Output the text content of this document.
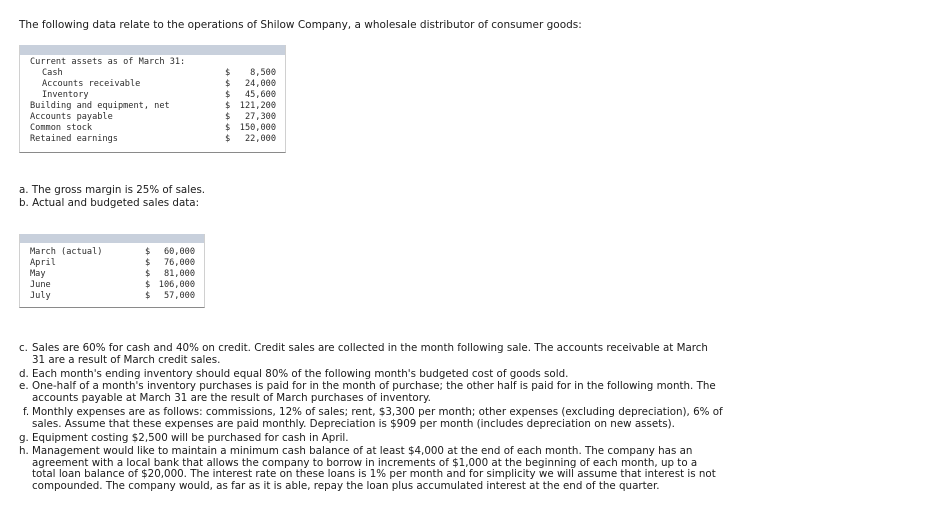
The following data relate to the operations of Shilow Company, a wholesale distributor of consumer goods:
Current assets as of March 31:
Cash	$ 8,500
Accounts receivable	$ 24,000
Inventory	$ 45,600
Building and equipment, net	$ 121,200
Accounts payable	$ 27,300
Common stock	$ 150,000
Retained earnings	$ 22,000
a. The gross margin is 25% of sales.
b. Actual and budgeted sales data:
March (actual)	$ 60,000
April	$ 76,000
May	$ 81,000
June	$ 106,000
July	$ 57,000
c. Sales are 60% for cash and 40% on credit. Credit sales are collected in the month following sale. The accounts receivable at March 31 are a result of March credit sales.
d. Each month's ending inventory should equal 80% of the following month's budgeted cost of goods sold.
e. One-half of a month's inventory purchases is paid for in the month of purchase; the other half is paid for in the following month. The accounts payable at March 31 are the result of March purchases of inventory.
f. Monthly expenses are as follows: commissions, 12% of sales; rent, $3,300 per month; other expenses (excluding depreciation), 6% of sales. Assume that these expenses are paid monthly. Depreciation is $909 per month (includes depreciation on new assets).
g. Equipment costing $2,500 will be purchased for cash in April.
h. Management would like to maintain a minimum cash balance of at least $4,000 at the end of each month. The company has an agreement with a local bank that allows the company to borrow in increments of $1,000 at the beginning of each month, up to a total loan balance of $20,000. The interest rate on these loans is 1% per month and for simplicity we will assume that interest is not compounded. The company would, as far as it is able, repay the loan plus accumulated interest at the end of the quarter.
